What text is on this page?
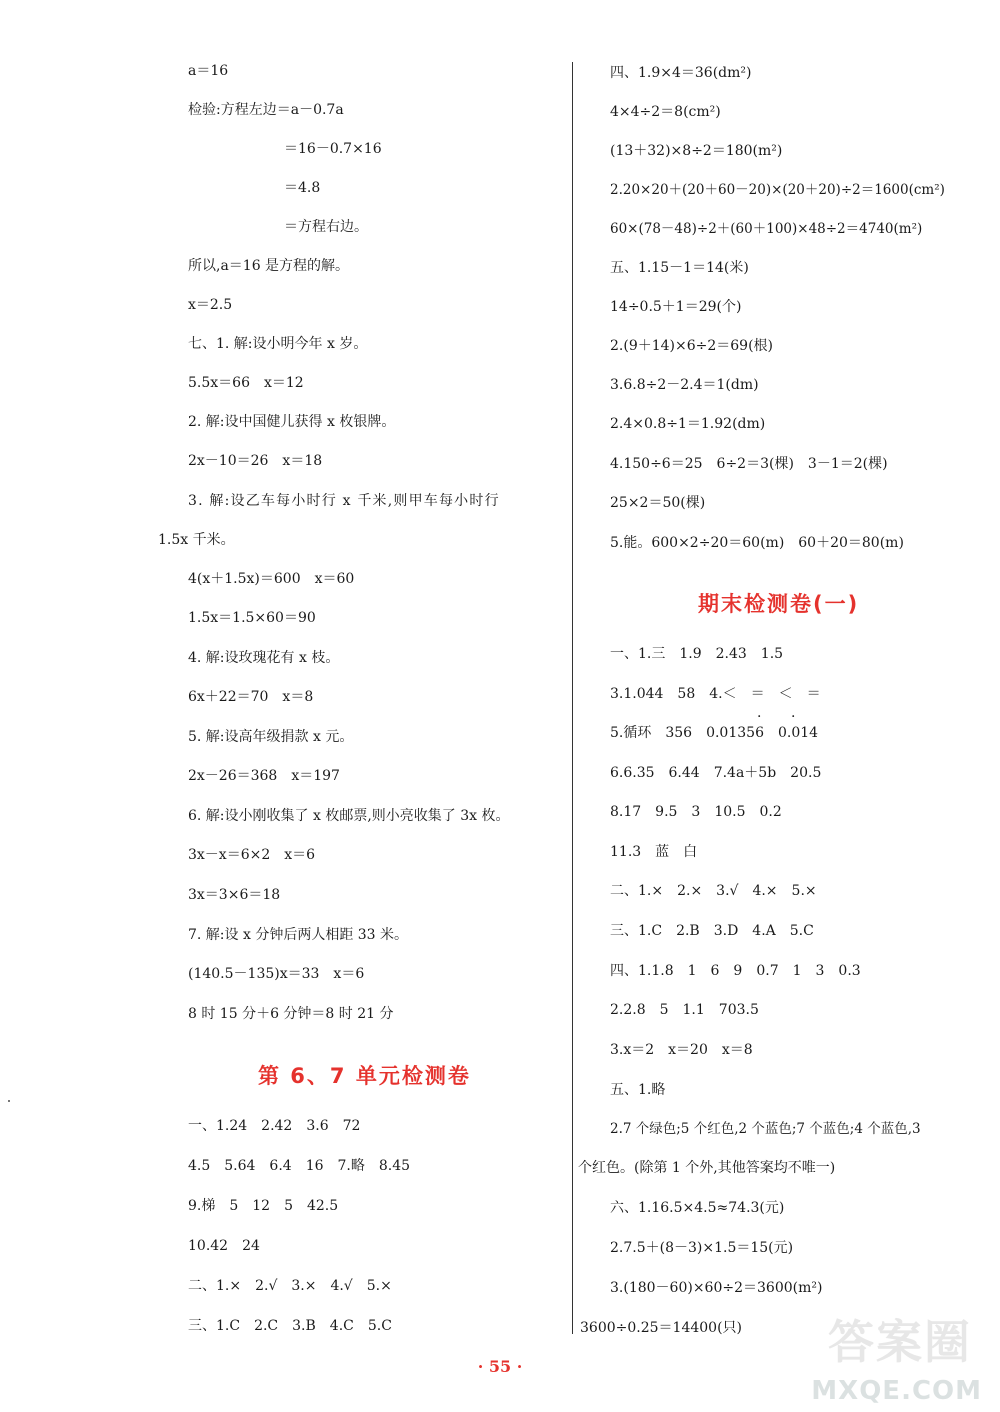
a＝16
检验:方程左边＝a－0.7a
＝16－0.7×16
＝4.8
＝方程右边。
所以,a＝16 是方程的解。
x＝2.5
七、1. 解:设小明今年 x 岁。
5.5x＝66　x＝12
2. 解:设中国健儿获得 x 枚银牌。
2x－10＝26　x＝18
3. 解:设乙车每小时行 x 千米,则甲车每小时行
1.5x 千米。
4(x＋1.5x)＝600　x＝60
1.5x＝1.5×60＝90
4. 解:设玫瑰花有 x 枝。
6x＋22＝70　x＝8
5. 解:设高年级捐款 x 元。
2x－26＝368　x＝197
6. 解:设小刚收集了 x 枚邮票,则小亮收集了 3x 枚。
3x－x＝6×2　x＝6
3x＝3×6＝18
7. 解:设 x 分钟后两人相距 33 米。
(140.5－135)x＝33　x＝6
8 时 15 分＋6 分钟＝8 时 21 分
第 6、7 单元检测卷
一、1.24　2.42　3.6　72
4.5　5.64　6.4　16　7.略　8.45
9.梯　5　12　5　42.5
10.42　24
二、1.×　2.√　3.×　4.√　5.×
三、1.C　2.C　3.B　4.C　5.C
四、1.9×4＝36(dm²)
4×4÷2＝8(cm²)
(13＋32)×8÷2＝180(m²)
2.20×20＋(20＋60－20)×(20＋20)÷2＝1600(cm²)
60×(78－48)÷2＋(60＋100)×48÷2＝4740(m²)
五、1.15－1＝14(米)
14÷0.5＋1＝29(个)
2.(9＋14)×6÷2＝69(根)
3.6.8÷2－2.4＝1(dm)
2.4×0.8÷1＝1.92(dm)
4.150÷6＝25　6÷2＝3(棵)　3－1＝2(棵)
25×2＝50(棵)
5.能。600×2÷20＝60(m)　60＋20＝80(m)
期末检测卷(一)
一、1.三　1.9　2.43　1.5
3.1.044　58　4.＜　＝　＜　＝
· ·
5.循环　356　0.01356　0.014
6.6.35　6.44　7.4a＋5b　20.5
8.17　9.5　3　10.5　0.2
11.3　蓝　白
二、1.×　2.×　3.√　4.×　5.×
三、1.C　2.B　3.D　4.A　5.C
四、1.1.8　1　6　9　0.7　1　3　0.3
2.2.8　5　1.1　703.5
3.x＝2　x＝20　x＝8
五、1.略
2.7 个绿色;5 个红色,2 个蓝色;7 个蓝色;4 个蓝色,3
个红色。(除第 1 个外,其他答案均不唯一)
六、1.16.5×4.5≈74.3(元)
2.7.5＋(8－3)×1.5＝15(元)
3.(180－60)×60÷2＝3600(m²)
3600÷0.25＝14400(只)
· 55 ·	答案圈
MXQE.COM
